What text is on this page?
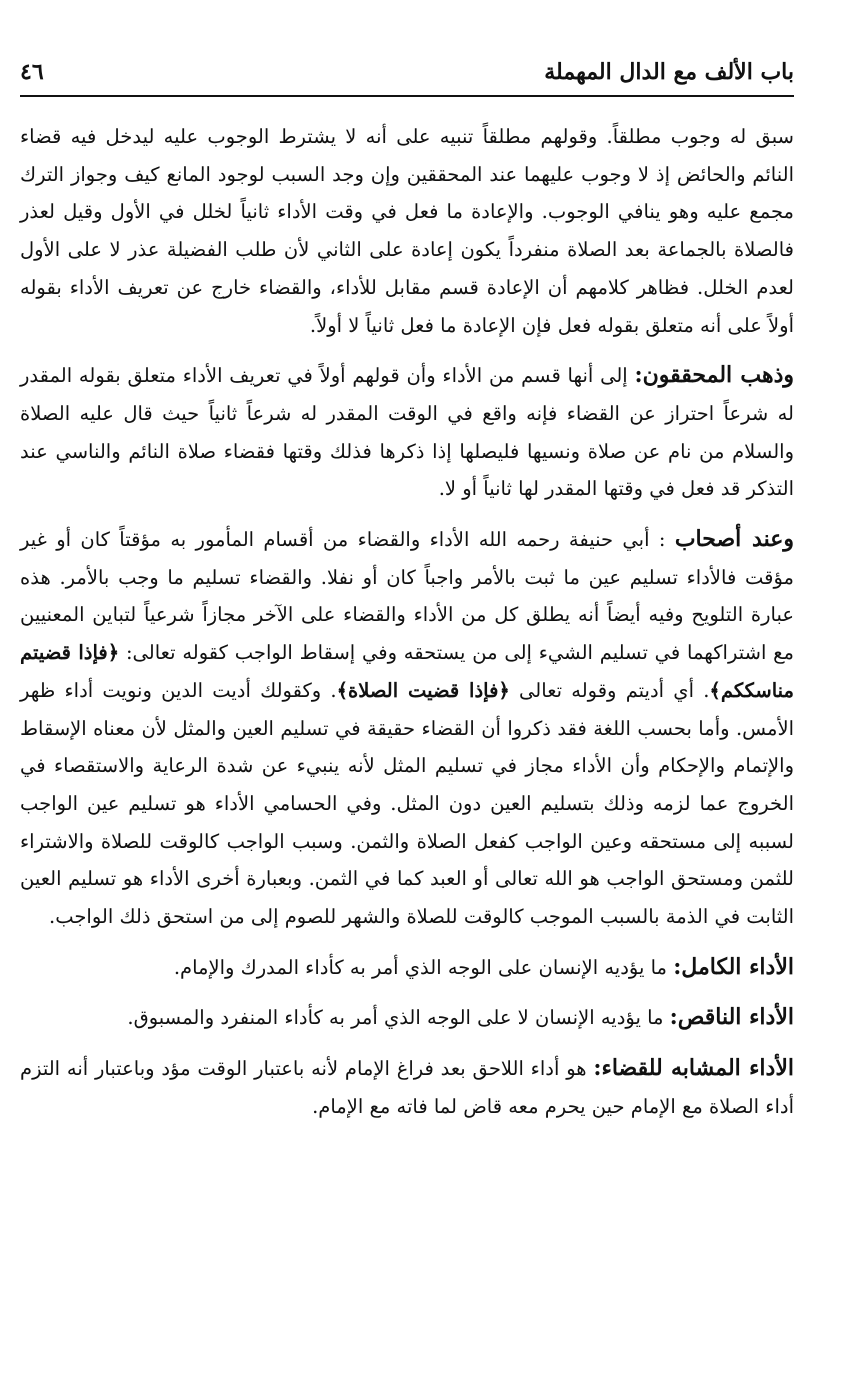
باب الألف مع الدال المهملة
٤٦

سبق له وجوب مطلقاً. وقولهم مطلقاً تنبيه على أنه لا يشترط الوجوب عليه ليدخل فيه قضاء النائم والحائض إذ لا وجوب عليهما عند المحققين وإن وجد السبب لوجود المانع كيف وجواز الترك مجمع عليه وهو ينافي الوجوب. والإعادة ما فعل في وقت الأداء ثانياً لخلل في الأول وقيل لعذر فالصلاة بالجماعة بعد الصلاة منفرداً يكون إعادة على الثاني لأن طلب الفضيلة عذر لا على الأول لعدم الخلل. فظاهر كلامهم أن الإعادة قسم مقابل للأداء، والقضاء خارج عن تعريف الأداء بقوله أولاً على أنه متعلق بقوله فعل فإن الإعادة ما فعل ثانياً لا أولاً.

وذهب المحققون: إلى أنها قسم من الأداء وأن قولهم أولاً في تعريف الأداء متعلق بقوله المقدر له شرعاً احتراز عن القضاء فإنه واقع في الوقت المقدر له شرعاً ثانياً حيث قال عليه الصلاة والسلام من نام عن صلاة ونسيها فليصلها إذا ذكرها فذلك وقتها فقضاء صلاة النائم والناسي عند التذكر قد فعل في وقتها المقدر لها ثانياً أو لا.

وعند أصحاب : أبي حنيفة رحمه الله الأداء والقضاء من أقسام المأمور به مؤقتاً كان أو غير مؤقت فالأداء تسليم عين ما ثبت بالأمر واجباً كان أو نفلا. والقضاء تسليم ما وجب بالأمر. هذه عبارة التلويح وفيه أيضاً أنه يطلق كل من الأداء والقضاء على الآخر مجازاً شرعياً لتباين المعنيين مع اشتراكهما في تسليم الشيء إلى من يستحقه وفي إسقاط الواجب كقوله تعالى: ﴿فإذا قضيتم مناسككم﴾. أي أديتم وقوله تعالى ﴿فإذا قضيت الصلاة﴾. وكقولك أديت الدين ونويت أداء ظهر الأمس. وأما بحسب اللغة فقد ذكروا أن القضاء حقيقة في تسليم العين والمثل لأن معناه الإسقاط والإتمام والإحكام وأن الأداء مجاز في تسليم المثل لأنه ينبيء عن شدة الرعاية والاستقصاء في الخروج عما لزمه وذلك بتسليم العين دون المثل. وفي الحسامي الأداء هو تسليم عين الواجب لسببه إلى مستحقه وعين الواجب كفعل الصلاة والثمن. وسبب الواجب كالوقت للصلاة والاشتراء للثمن ومستحق الواجب هو الله تعالى أو العبد كما في الثمن. وبعبارة أخرى الأداء هو تسليم العين الثابت في الذمة بالسبب الموجب كالوقت للصلاة والشهر للصوم إلى من استحق ذلك الواجب.

الأداء الكامل: ما يؤديه الإنسان على الوجه الذي أمر به كأداء المدرك والإمام.

الأداء الناقص: ما يؤديه الإنسان لا على الوجه الذي أمر به كأداء المنفرد والمسبوق.

الأداء المشابه للقضاء: هو أداء اللاحق بعد فراغ الإمام لأنه باعتبار الوقت مؤد وباعتبار أنه التزم أداء الصلاة مع الإمام حين يحرم معه قاض لما فاته مع الإمام.
